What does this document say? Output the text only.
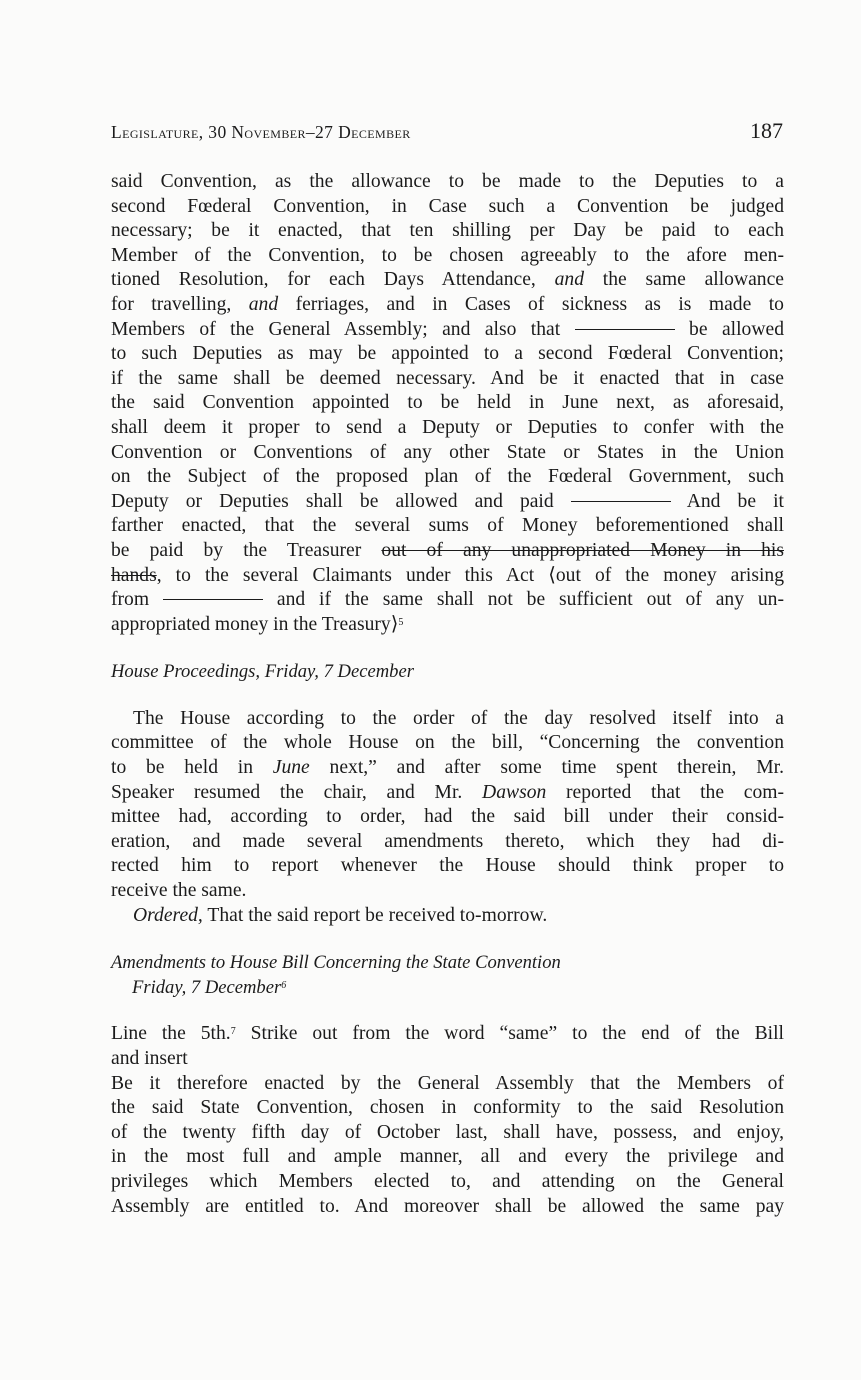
Legislature, 30 November–27 December	187
said Convention, as the allowance to be made to the Deputies to a
second Fœderal Convention, in Case such a Convention be judged
necessary; be it enacted, that ten shilling per Day be paid to each
Member of the Convention, to be chosen agreeably to the afore men-
tioned Resolution, for each Days Attendance, and the same allowance
for travelling, and ferriages, and in Cases of sickness as is made to
Members of the General Assembly; and also that	be allowed
to such Deputies as may be appointed to a second Fœderal Convention;
if the same shall be deemed necessary. And be it enacted that in case
the said Convention appointed to be held in June next, as aforesaid,
shall deem it proper to send a Deputy or Deputies to confer with the
Convention or Conventions of any other State or States in the Union
on the Subject of the proposed plan of the Fœderal Government, such
Deputy or Deputies shall be allowed and paid	And be it
farther enacted, that the several sums of Money beforementioned shall
be paid by the Treasurer out of any unappropriated Money in his
hands, to the several Claimants under this Act ⟨out of the money arising
from	and if the same shall not be sufficient out of any un-
appropriated money in the Treasury⟩$^5$
House Proceedings, Friday, 7 December
The House according to the order of the day resolved itself into a
committee of the whole House on the bill, “Concerning the convention
to be held in June next,” and after some time spent therein, Mr.
Speaker resumed the chair, and Mr. Dawson reported that the com-
mittee had, according to order, had the said bill under their consid-
eration, and made several amendments thereto, which they had di-
rected him to report whenever the House should think proper to
receive the same.
Ordered, That the said report be received to-morrow.
Amendments to House Bill Concerning the State Convention
Friday, 7 December$^6$
Line the 5th.$^7$ Strike out from the word “same” to the end of the Bill
and insert
Be it therefore enacted by the General Assembly that the Members of
the said State Convention, chosen in conformity to the said Resolution
of the twenty fifth day of October last, shall have, possess, and enjoy,
in the most full and ample manner, all and every the privilege and
privileges which Members elected to, and attending on the General
Assembly are entitled to. And moreover shall be allowed the same pay
